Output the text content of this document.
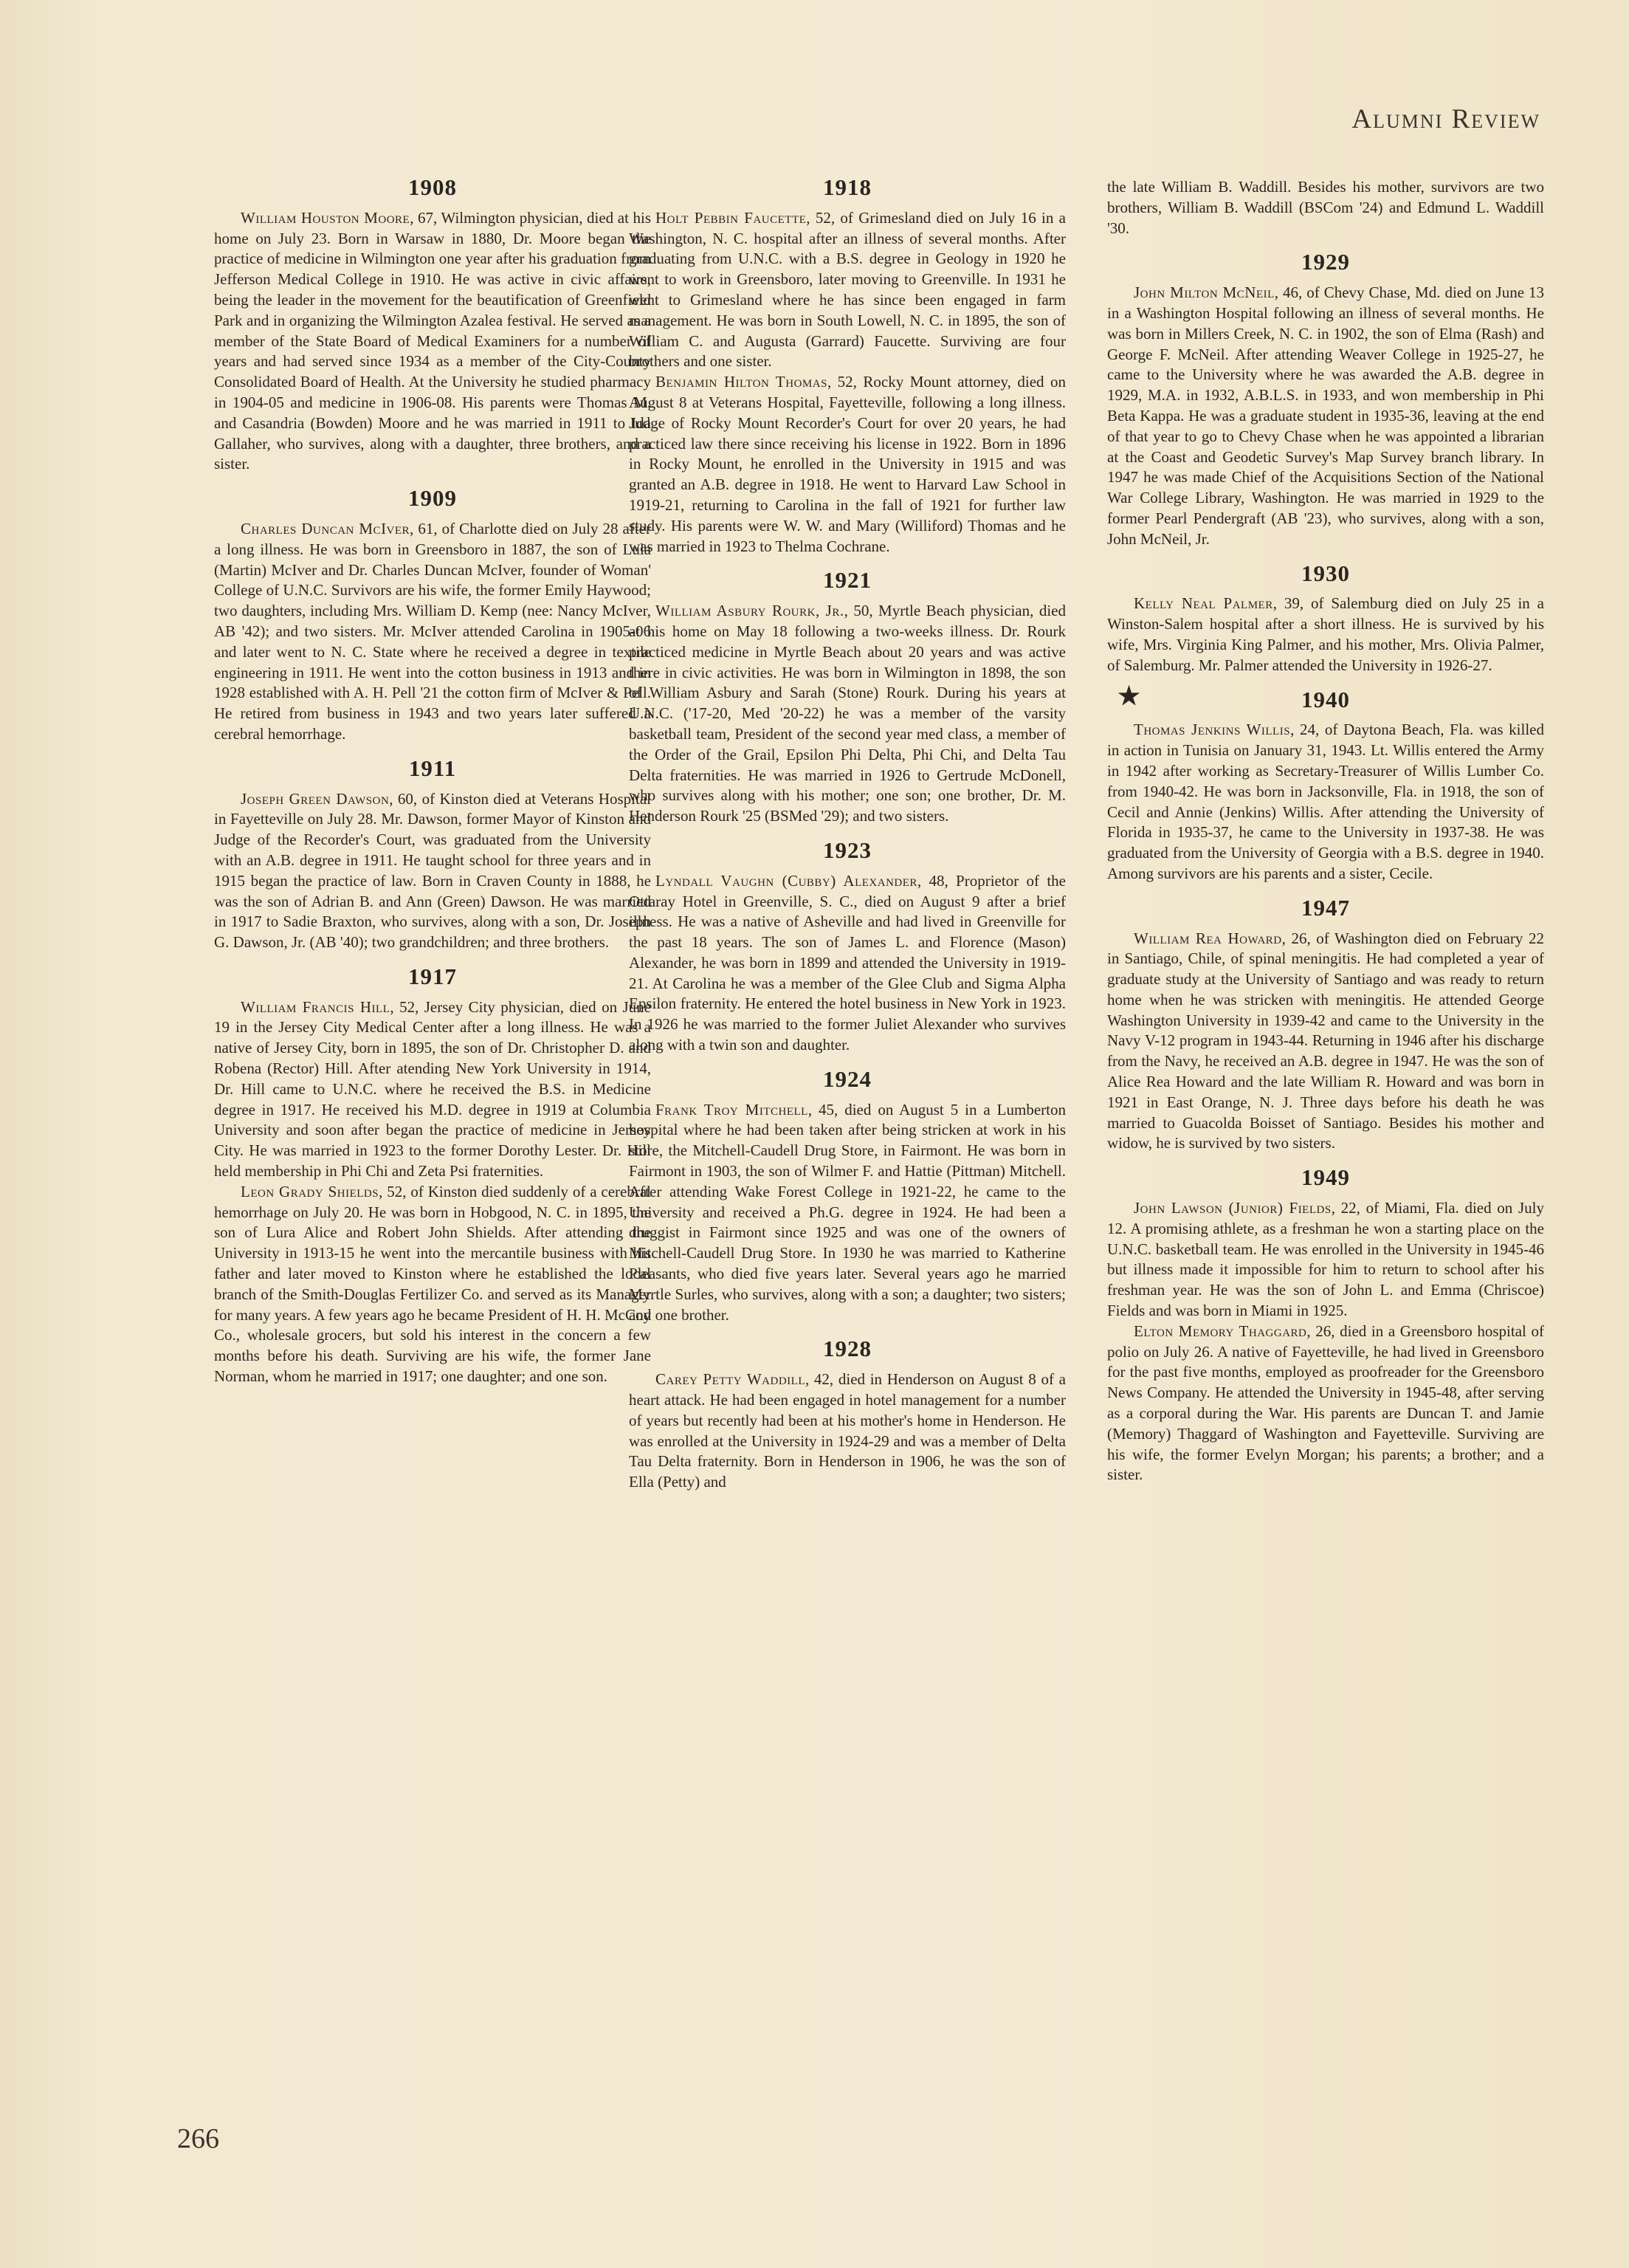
Alumni Review
1908

William Houston Moore, 67, Wilmington physician, died at his home on July 23. Born in Warsaw in 1880, Dr. Moore began the practice of medicine in Wilmington one year after his graduation from Jefferson Medical College in 1910. He was active in civic affairs, being the leader in the movement for the beautification of Greenfield Park and in organizing the Wilmington Azalea festival. He served as a member of the State Board of Medical Examiners for a number of years and had served since 1934 as a member of the City-County Consolidated Board of Health. At the University he studied pharmacy in 1904-05 and medicine in 1906-08. His parents were Thomas M. and Casandria (Bowden) Moore and he was married in 1911 to Ida Gallaher, who survives, along with a daughter, three brothers, and a sister.

1909

Charles Duncan McIver, 61, of Charlotte died on July 28 after a long illness. He was born in Greensboro in 1887, the son of Lula (Martin) McIver and Dr. Charles Duncan McIver, founder of Woman' College of U.N.C. Survivors are his wife, the former Emily Haywood; two daughters, including Mrs. William D. Kemp (nee: Nancy McIver, AB '42); and two sisters. Mr. McIver attended Carolina in 1905-06 and later went to N. C. State where he received a degree in textile engineering in 1911. He went into the cotton business in 1913 and in 1928 established with A. H. Pell '21 the cotton firm of McIver & Pell. He retired from business in 1943 and two years later suffered a cerebral hemorrhage.

1911

Joseph Green Dawson, 60, of Kinston died at Veterans Hospital in Fayetteville on July 28. Mr. Dawson, former Mayor of Kinston and Judge of the Recorder's Court, was graduated from the University with an A.B. degree in 1911. He taught school for three years and in 1915 began the practice of law. Born in Craven County in 1888, he was the son of Adrian B. and Ann (Green) Dawson. He was married in 1917 to Sadie Braxton, who survives, along with a son, Dr. Joseph G. Dawson, Jr. (AB '40); two grandchildren; and three brothers.

1917

William Francis Hill, 52, Jersey City physician, died on June 19 in the Jersey City Medical Center after a long illness. He was a native of Jersey City, born in 1895, the son of Dr. Christopher D. and Robena (Rector) Hill. After atending New York University in 1914, Dr. Hill came to U.N.C. where he received the B.S. in Medicine degree in 1917. He received his M.D. degree in 1919 at Columbia University and soon after began the practice of medicine in Jersey City. He was married in 1923 to the former Dorothy Lester. Dr. Hill held membership in Phi Chi and Zeta Psi fraternities.

Leon Grady Shields, 52, of Kinston died suddenly of a cerebral hemorrhage on July 20. He was born in Hobgood, N. C. in 1895, the son of Lura Alice and Robert John Shields. After attending the University in 1913-15 he went into the mercantile business with his father and later moved to Kinston where he established the local branch of the Smith-Douglas Fertilizer Co. and served as its Manager for many years. A few years ago he became President of H. H. McCoy Co., wholesale grocers, but sold his interest in the concern a few months before his death. Surviving are his wife, the former Jane Norman, whom he married in 1917; one daughter; and one son.

1918

Holt Pebbin Faucette, 52, of Grimesland died on July 16 in a Washington, N. C. hospital after an illness of several months. After graduating from U.N.C. with a B.S. degree in Geology in 1920 he went to work in Greensboro, later moving to Greenville. In 1931 he went to Grimesland where he has since been engaged in farm management. He was born in South Lowell, N. C. in 1895, the son of William C. and Augusta (Garrard) Faucette. Surviving are four brothers and one sister.

Benjamin Hilton Thomas, 52, Rocky Mount attorney, died on August 8 at Veterans Hospital, Fayetteville, following a long illness. Judge of Rocky Mount Recorder's Court for over 20 years, he had practiced law there since receiving his license in 1922. Born in 1896 in Rocky Mount, he enrolled in the University in 1915 and was granted an A.B. degree in 1918. He went to Harvard Law School in 1919-21, returning to Carolina in the fall of 1921 for further law study. His parents were W. W. and Mary (Williford) Thomas and he was married in 1923 to Thelma Cochrane.

1921

William Asbury Rourk, Jr., 50, Myrtle Beach physician, died at his home on May 18 following a two-weeks illness. Dr. Rourk practiced medicine in Myrtle Beach about 20 years and was active there in civic activities. He was born in Wilmington in 1898, the son of William Asbury and Sarah (Stone) Rourk. During his years at U.N.C. ('17-20, Med '20-22) he was a member of the varsity basketball team, President of the second year med class, a member of the Order of the Grail, Epsilon Phi Delta, Phi Chi, and Delta Tau Delta fraternities. He was married in 1926 to Gertrude McDonell, who survives along with his mother; one son; one brother, Dr. M. Henderson Rourk '25 (BSMed '29); and two sisters.

1923

Lyndall Vaughn (Cubby) Alexander, 48, Proprietor of the Ottaray Hotel in Greenville, S. C., died on August 9 after a brief illness. He was a native of Asheville and had lived in Greenville for the past 18 years. The son of James L. and Florence (Mason) Alexander, he was born in 1899 and attended the University in 1919-21. At Carolina he was a member of the Glee Club and Sigma Alpha Epsilon fraternity. He entered the hotel business in New York in 1923. In 1926 he was married to the former Juliet Alexander who survives along with a twin son and daughter.

1924

Frank Troy Mitchell, 45, died on August 5 in a Lumberton hospital where he had been taken after being stricken at work in his store, the Mitchell-Caudell Drug Store, in Fairmont. He was born in Fairmont in 1903, the son of Wilmer F. and Hattie (Pittman) Mitchell. After attending Wake Forest College in 1921-22, he came to the University and received a Ph.G. degree in 1924. He had been a druggist in Fairmont since 1925 and was one of the owners of Mitchell-Caudell Drug Store. In 1930 he was married to Katherine Pleasants, who died five years later. Several years ago he married Myrtle Surles, who survives, along with a son; a daughter; two sisters; and one brother.

1928

Carey Petty Waddill, 42, died in Henderson on August 8 of a heart attack. He had been engaged in hotel management for a number of years but recently had been at his mother's home in Henderson. He was enrolled at the University in 1924-29 and was a member of Delta Tau Delta fraternity. Born in Henderson in 1906, he was the son of Ella (Petty) and

the late William B. Waddill. Besides his mother, survivors are two brothers, William B. Waddill (BSCom '24) and Edmund L. Waddill '30.

1929

John Milton McNeil, 46, of Chevy Chase, Md. died on June 13 in a Washington Hospital following an illness of several months. He was born in Millers Creek, N. C. in 1902, the son of Elma (Rash) and George F. McNeil. After attending Weaver College in 1925-27, he came to the University where he was awarded the A.B. degree in 1929, M.A. in 1932, A.B.L.S. in 1933, and won membership in Phi Beta Kappa. He was a graduate student in 1935-36, leaving at the end of that year to go to Chevy Chase when he was appointed a librarian at the Coast and Geodetic Survey's Map Survey branch library. In 1947 he was made Chief of the Acquisitions Section of the National War College Library, Washington. He was married in 1929 to the former Pearl Pendergraft (AB '23), who survives, along with a son, John McNeil, Jr.

1930

Kelly Neal Palmer, 39, of Salemburg died on July 25 in a Winston-Salem hospital after a short illness. He is survived by his wife, Mrs. Virginia King Palmer, and his mother, Mrs. Olivia Palmer, of Salemburg. Mr. Palmer attended the University in 1926-27.

★	1940

Thomas Jenkins Willis, 24, of Daytona Beach, Fla. was killed in action in Tunisia on January 31, 1943. Lt. Willis entered the Army in 1942 after working as Secretary-Treasurer of Willis Lumber Co. from 1940-42. He was born in Jacksonville, Fla. in 1918, the son of Cecil and Annie (Jenkins) Willis. After attending the University of Florida in 1935-37, he came to the University in 1937-38. He was graduated from the University of Georgia with a B.S. degree in 1940. Among survivors are his parents and a sister, Cecile.

1947

William Rea Howard, 26, of Washington died on February 22 in Santiago, Chile, of spinal meningitis. He had completed a year of graduate study at the University of Santiago and was ready to return home when he was stricken with meningitis. He attended George Washington University in 1939-42 and came to the University in the Navy V-12 program in 1943-44. Returning in 1946 after his discharge from the Navy, he received an A.B. degree in 1947. He was the son of Alice Rea Howard and the late William R. Howard and was born in 1921 in East Orange, N. J. Three days before his death he was married to Guacolda Boisset of Santiago. Besides his mother and widow, he is survived by two sisters.

1949

John Lawson (Junior) Fields, 22, of Miami, Fla. died on July 12. A promising athlete, as a freshman he won a starting place on the U.N.C. basketball team. He was enrolled in the University in 1945-46 but illness made it impossible for him to return to school after his freshman year. He was the son of John L. and Emma (Chriscoe) Fields and was born in Miami in 1925.

Elton Memory Thaggard, 26, died in a Greensboro hospital of polio on July 26. A native of Fayetteville, he had lived in Greensboro for the past five months, employed as proofreader for the Greensboro News Company. He attended the University in 1945-48, after serving as a corporal during the War. His parents are Duncan T. and Jamie (Memory) Thaggard of Washington and Fayetteville. Surviving are his wife, the former Evelyn Morgan; his parents; a brother; and a sister.

266
